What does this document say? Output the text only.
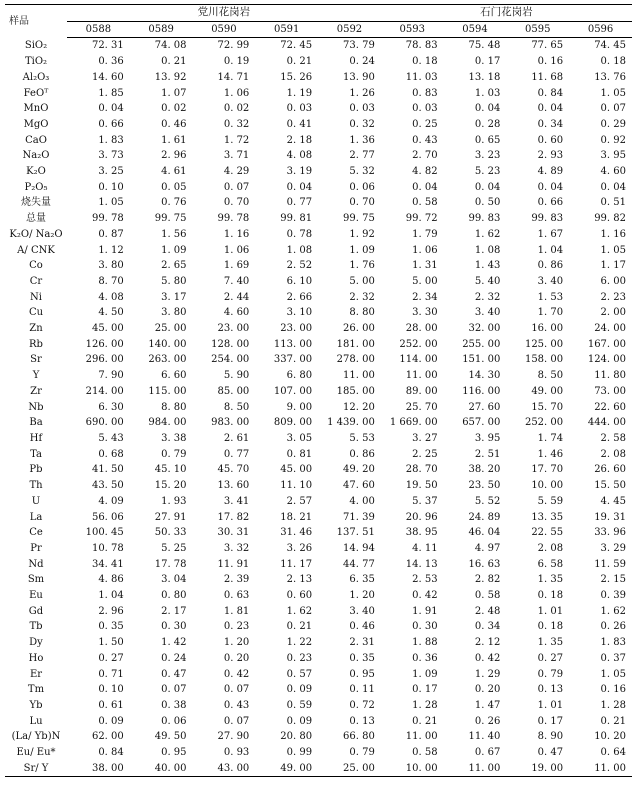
样品	党川花岗岩					石门花岗岩			
	0588	0589	0590	0591	0592	0593	0594	0595	0596
SiO₂	72. 31	74. 08	72. 99	72. 45	73. 79	78. 83	75. 48	77. 65	74. 45
TiO₂	0. 36	0. 21	0. 19	0. 21	0. 24	0. 18	0. 17	0. 16	0. 18
Al₂O₃	14. 60	13. 92	14. 71	15. 26	13. 90	11. 03	13. 18	11. 68	13. 76
FeOᵀ	1. 85	1. 07	1. 06	1. 19	1. 26	0. 83	1. 03	0. 84	1. 05
MnO	0. 04	0. 02	0. 02	0. 03	0. 03	0. 03	0. 04	0. 04	0. 07
MgO	0. 66	0. 46	0. 32	0. 41	0. 32	0. 25	0. 28	0. 34	0. 29
CaO	1. 83	1. 61	1. 72	2. 18	1. 36	0. 43	0. 65	0. 60	0. 92
Na₂O	3. 73	2. 96	3. 71	4. 08	2. 77	2. 70	3. 23	2. 93	3. 95
K₂O	3. 25	4. 61	4. 29	3. 19	5. 32	4. 82	5. 23	4. 89	4. 60
P₂O₅	0. 10	0. 05	0. 07	0. 04	0. 06	0. 04	0. 04	0. 04	0. 04
烧失量	1. 05	0. 76	0. 70	0. 77	0. 70	0. 58	0. 50	0. 66	0. 51
总量	99. 78	99. 75	99. 78	99. 81	99. 75	99. 72	99. 83	99. 83	99. 82
K₂O/ Na₂O	0. 87	1. 56	1. 16	0. 78	1. 92	1. 79	1. 62	1. 67	1. 16
A/ CNK	1. 12	1. 09	1. 06	1. 08	1. 09	1. 06	1. 08	1. 04	1. 05
Co	3. 80	2. 65	1. 69	2. 52	1. 76	1. 31	1. 43	0. 86	1. 17
Cr	8. 70	5. 80	7. 40	6. 10	5. 00	5. 00	5. 40	3. 40	6. 00
Ni	4. 08	3. 17	2. 44	2. 66	2. 32	2. 34	2. 32	1. 53	2. 23
Cu	4. 50	3. 80	4. 60	3. 10	8. 80	3. 30	3. 40	1. 70	2. 00
Zn	45. 00	25. 00	23. 00	23. 00	26. 00	28. 00	32. 00	16. 00	24. 00
Rb	126. 00	140. 00	128. 00	113. 00	181. 00	252. 00	255. 00	125. 00	167. 00
Sr	296. 00	263. 00	254. 00	337. 00	278. 00	114. 00	151. 00	158. 00	124. 00
Y	7. 90	6. 60	5. 90	6. 80	11. 00	11. 00	14. 30	8. 50	11. 80
Zr	214. 00	115. 00	85. 00	107. 00	185. 00	89. 00	116. 00	49. 00	73. 00
Nb	6. 30	8. 80	8. 50	9. 00	12. 20	25. 70	27. 60	15. 70	22. 60
Ba	690. 00	984. 00	983. 00	809. 00	1 439. 00	1 669. 00	657. 00	252. 00	444. 00
Hf	5. 43	3. 38	2. 61	3. 05	5. 53	3. 27	3. 95	1. 74	2. 58
Ta	0. 68	0. 79	0. 77	0. 81	0. 86	2. 25	2. 51	1. 46	2. 08
Pb	41. 50	45. 10	45. 70	45. 00	49. 20	28. 70	38. 20	17. 70	26. 60
Th	43. 50	15. 20	13. 60	11. 10	47. 60	19. 50	23. 50	10. 00	15. 50
U	4. 09	1. 93	3. 41	2. 57	4. 00	5. 37	5. 52	5. 59	4. 45
La	56. 06	27. 91	17. 82	18. 21	71. 39	20. 96	24. 89	13. 35	19. 31
Ce	100. 45	50. 33	30. 31	31. 46	137. 51	38. 95	46. 04	22. 55	33. 96
Pr	10. 78	5. 25	3. 32	3. 26	14. 94	4. 11	4. 97	2. 08	3. 29
Nd	34. 41	17. 78	11. 91	11. 17	44. 77	14. 13	16. 63	6. 58	11. 59
Sm	4. 86	3. 04	2. 39	2. 13	6. 35	2. 53	2. 82	1. 35	2. 15
Eu	1. 04	0. 80	0. 63	0. 60	1. 20	0. 42	0. 58	0. 18	0. 39
Gd	2. 96	2. 17	1. 81	1. 62	3. 40	1. 91	2. 48	1. 01	1. 62
Tb	0. 35	0. 30	0. 23	0. 21	0. 46	0. 30	0. 34	0. 18	0. 26
Dy	1. 50	1. 42	1. 20	1. 22	2. 31	1. 88	2. 12	1. 35	1. 83
Ho	0. 27	0. 24	0. 20	0. 23	0. 35	0. 36	0. 42	0. 27	0. 37
Er	0. 71	0. 47	0. 42	0. 57	0. 95	1. 09	1. 29	0. 79	1. 05
Tm	0. 10	0. 07	0. 07	0. 09	0. 11	0. 17	0. 20	0. 13	0. 16
Yb	0. 61	0. 38	0. 43	0. 59	0. 72	1. 28	1. 47	1. 01	1. 28
Lu	0. 09	0. 06	0. 07	0. 09	0. 13	0. 21	0. 26	0. 17	0. 21
(La/ Yb)N	62. 00	49. 50	27. 90	20. 80	66. 80	11. 00	11. 40	8. 90	10. 20
Eu/ Eu*	0. 84	0. 95	0. 93	0. 99	0. 79	0. 58	0. 67	0. 47	0. 64
Sr/ Y	38. 00	40. 00	43. 00	49. 00	25. 00	10. 00	11. 00	19. 00	11. 00
